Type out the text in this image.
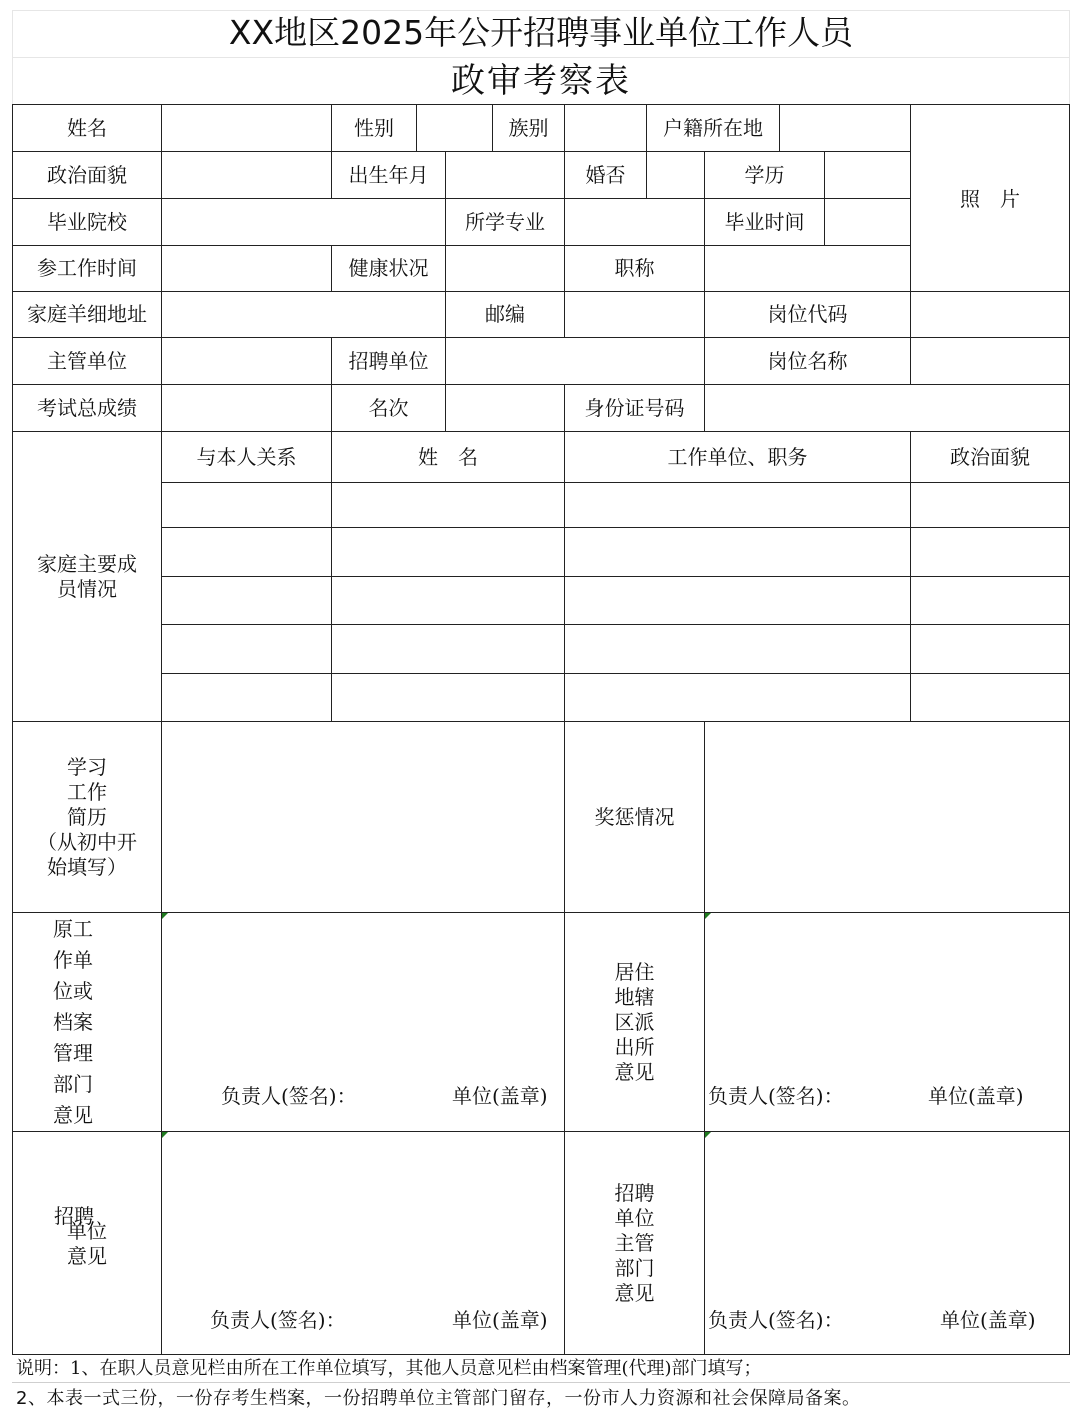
XX地区2025年公开招聘事业单位工作人员
政审考察表
姓名	性别	族别	户籍所在地
照　片
政治面貌	出生年月	婚否	学历
毕业院校	所学专业	毕业时间
参工作时间	健康状况	职称
家庭羊细地址	邮编	岗位代码
主管单位	招聘单位	岗位名称
考试总成绩	名次	身份证号码
家庭主要成
员情况
与本人关系	姓　名	工作单位、职务	政治面貌
学习
工作
简历
（从初中开
始填写）
奖惩情况
原工
作单
位或
档案
管理
部门
意见
负责人(签名)：	单位(盖章)
居住
地辖
区派
出所
意见
负责人(签名)：	单位(盖章)
招聘
单位
意见
负责人(签名)：	单位(盖章)
招聘
单位
主管
部门
意见
负责人(签名)：	单位(盖章)
说明：1、在职人员意见栏由所在工作单位填写，其他人员意见栏由档案管理(代理)部门填写；
2、本表一式三份，一份存考生档案，一份招聘单位主管部门留存，一份市人力资源和社会保障局备案。
